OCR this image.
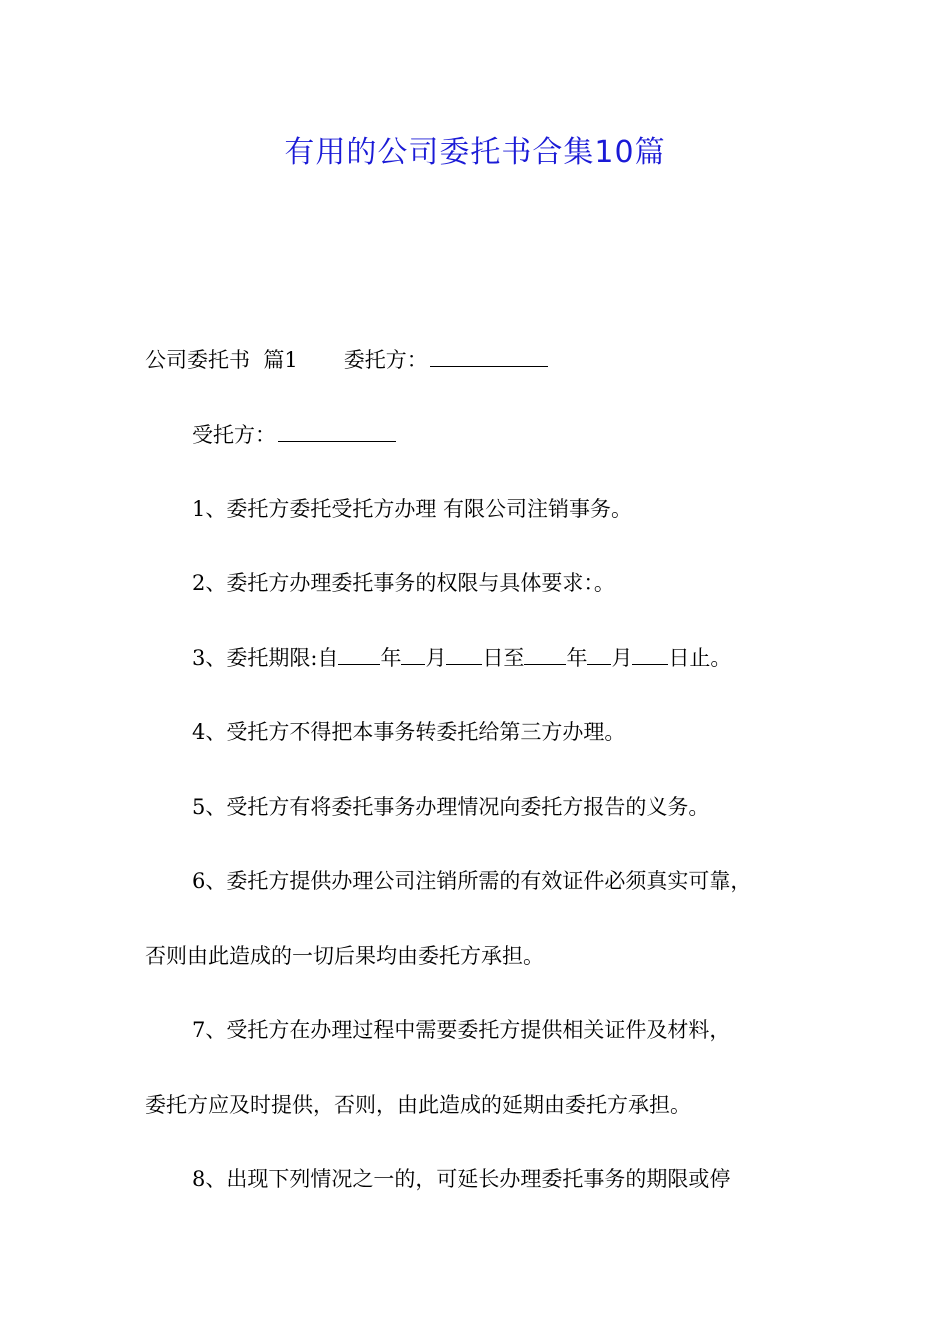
有用的公司委托书合集10篇
公司委托书  篇1 委托方：
受托方：
1、委托方委托受托方办理 有限公司注销事务。
2、委托方办理委托事务的权限与具体要求：。
3、委托期限:自 年 月 日至 年 月 日止。
4、受托方不得把本事务转委托给第三方办理。
5、受托方有将委托事务办理情况向委托方报告的义务。
6、委托方提供办理公司注销所需的有效证件必须真实可靠，
否则由此造成的一切后果均由委托方承担。
7、受托方在办理过程中需要委托方提供相关证件及材料，
委托方应及时提供，否则，由此造成的延期由委托方承担。
8、出现下列情况之一的，可延长办理委托事务的期限或停
